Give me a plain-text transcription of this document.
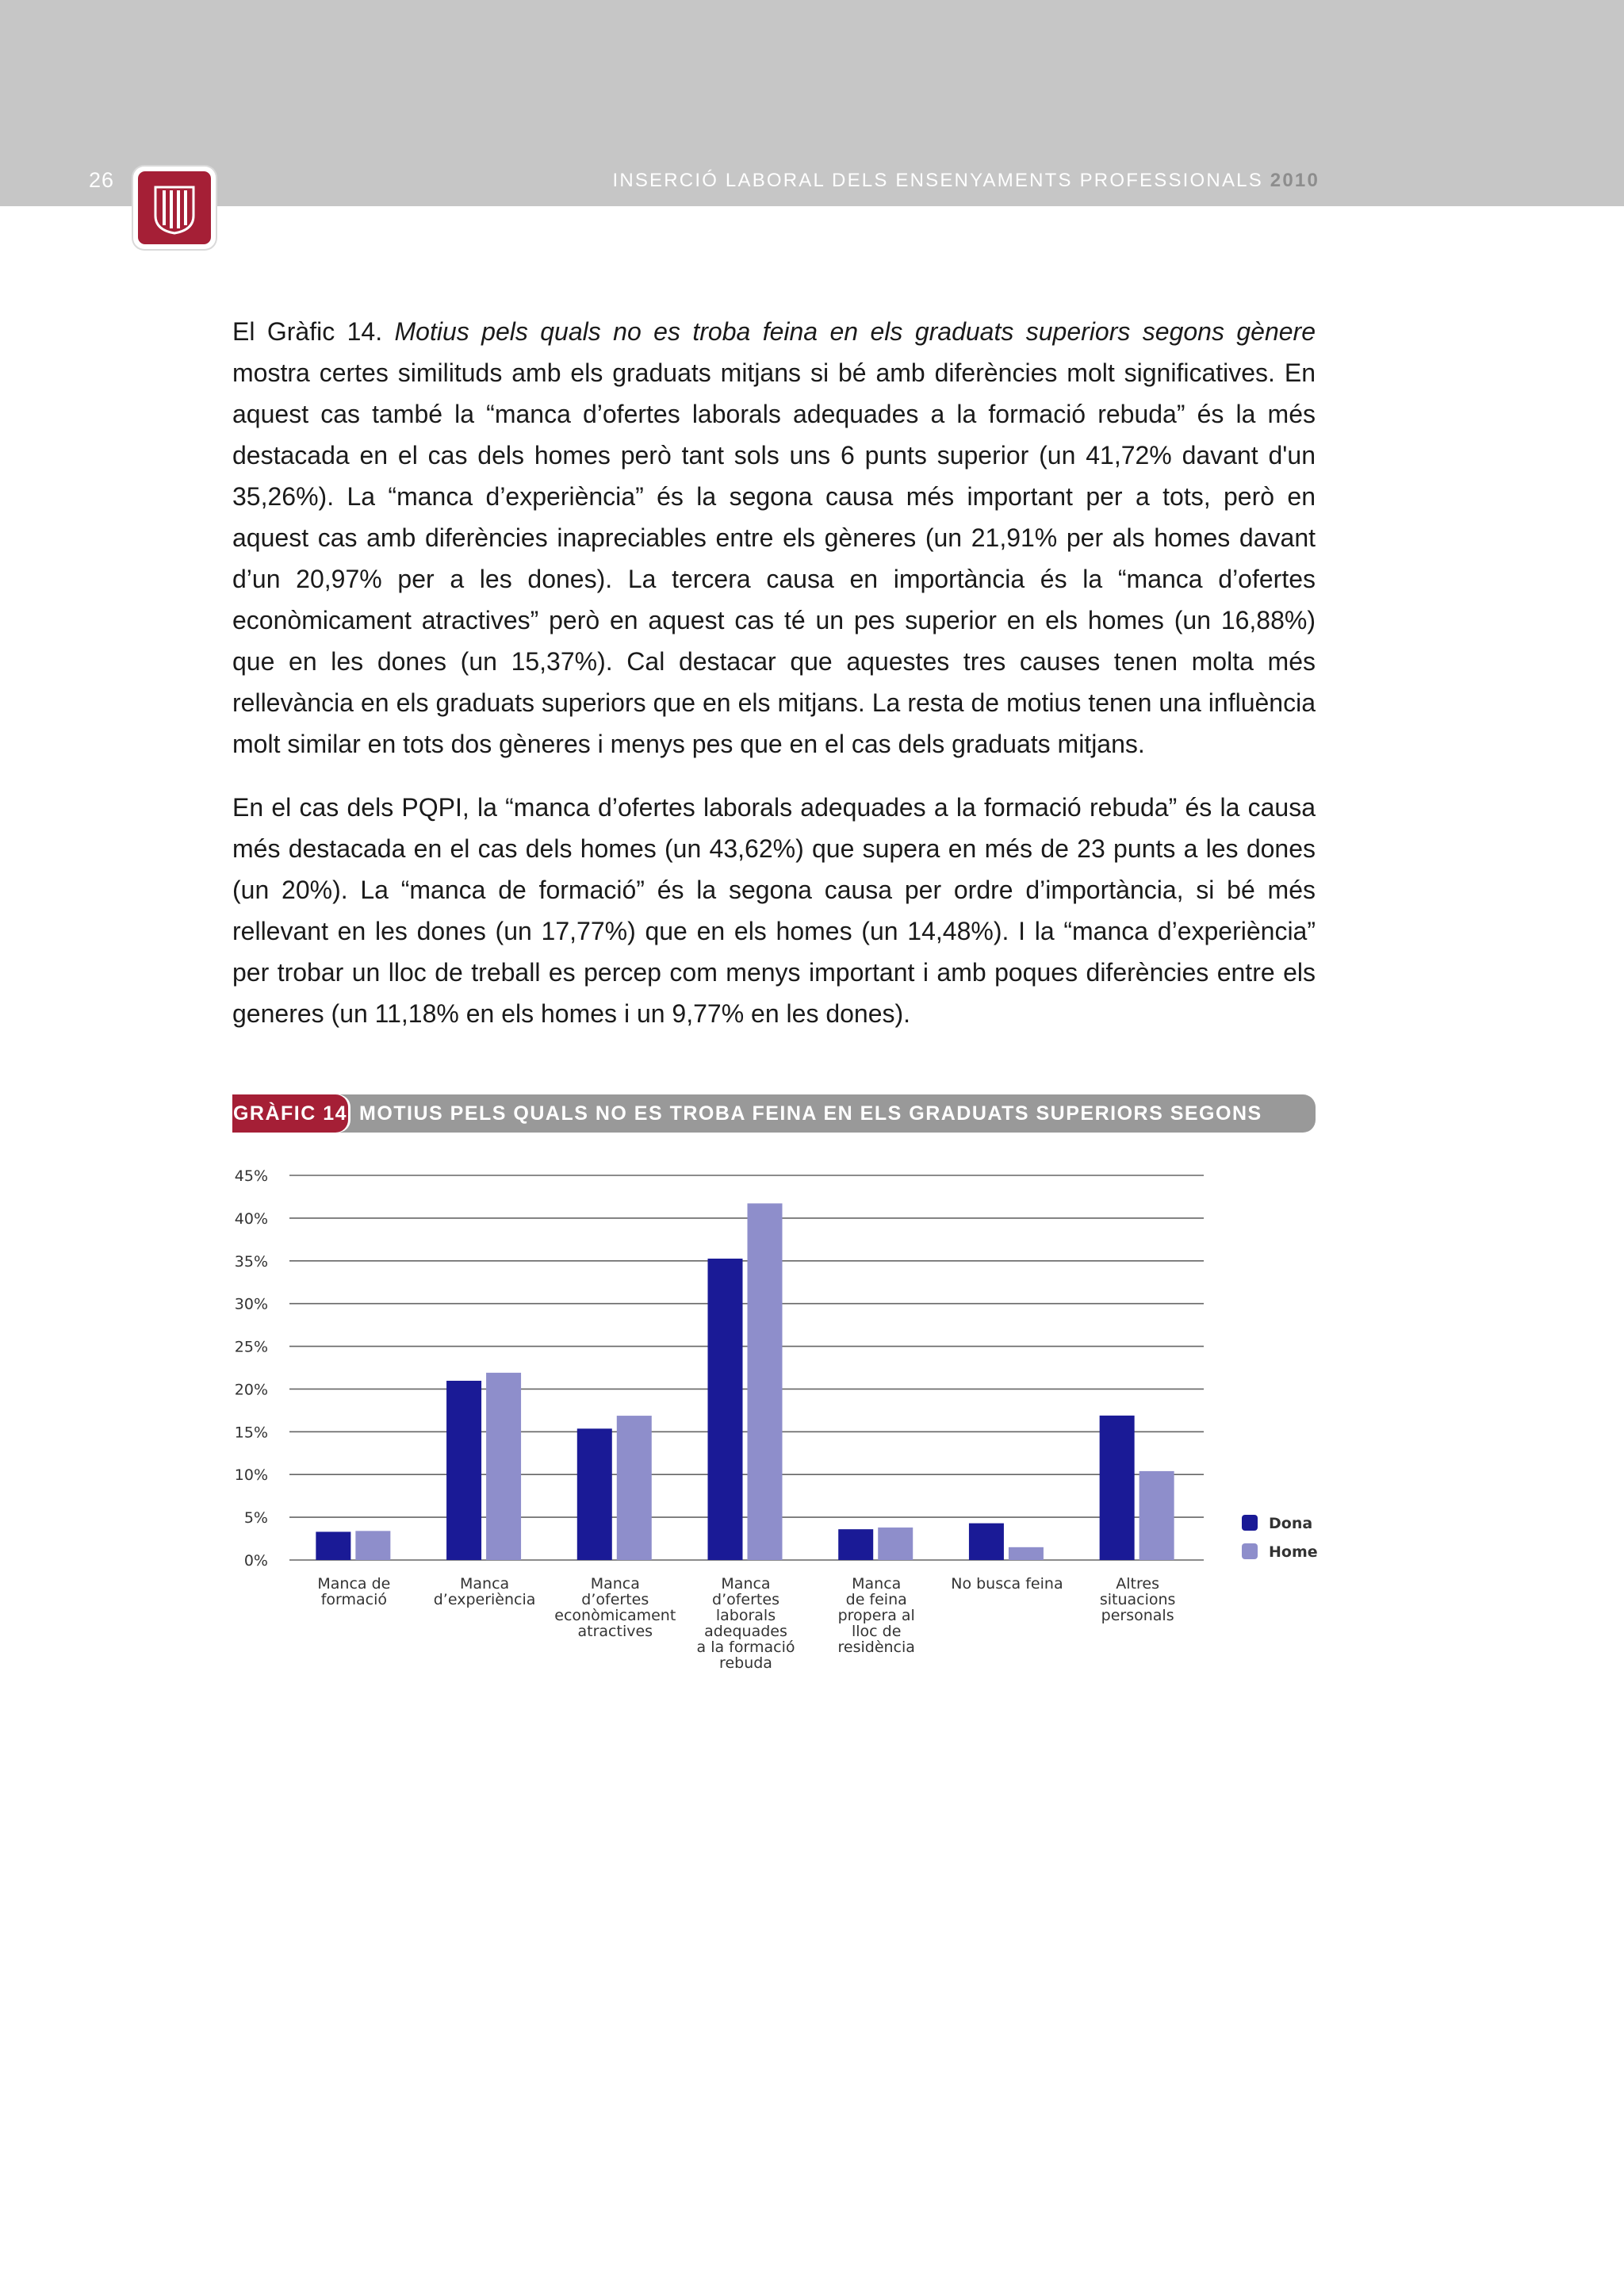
26	INSERCIÓ LABORAL DELS ENSENYAMENTS PROFESSIONALS 2010

El Gràfic 14. Motius pels quals no es troba feina en els graduats superiors segons gènere mostra certes similituds amb els graduats mitjans si bé amb diferències molt significatives. En aquest cas també la “manca d’ofertes laborals adequades a la formació rebuda” és la més destacada en el cas dels homes però tant sols uns 6 punts superior (un 41,72% davant d'un 35,26%). La “manca d’experiència” és la segona causa més important per a tots, però en aquest cas amb diferències inapreciables entre els gèneres (un 21,91% per als homes davant d’un 20,97% per a les dones). La tercera causa en importància és la “manca d’ofertes econòmicament atractives” però en aquest cas té un pes superior en els homes (un 16,88%) que en les dones (un 15,37%). Cal destacar que aquestes tres causes tenen molta més rellevància en els graduats superiors que en els mitjans. La resta de motius tenen una influència molt similar en tots dos gèneres i menys pes que en el cas dels graduats mitjans.

En el cas dels PQPI, la “manca d’ofertes laborals adequades a la formació rebuda” és la causa més destacada en el cas dels homes (un 43,62%) que supera en més de 23 punts a les dones (un 20%). La “manca de formació” és la segona causa per ordre d’importància, si bé més rellevant en les dones (un 17,77%) que en els homes (un 14,48%). I la “manca d’experiència” per trobar un lloc de treball es percep com menys important i amb poques diferències entre els generes (un 11,18% en els homes i un 9,77% en les dones).

GRÀFIC 14 MOTIUS PELS QUALS NO ES TROBA FEINA EN ELS GRADUATS SUPERIORS SEGONS GÈNERE
0%
5%
10%
15%
20%
25%
30%
35%
40%
45%
Manca de formació
Manca d’experiència
Manca d’ofertes econòmicament atractives
Manca d’ofertes laborals adequades a la formació rebuda
Manca de feina propera al lloc de residència
No busca feina	Altres situacions personals
Dona
Home
